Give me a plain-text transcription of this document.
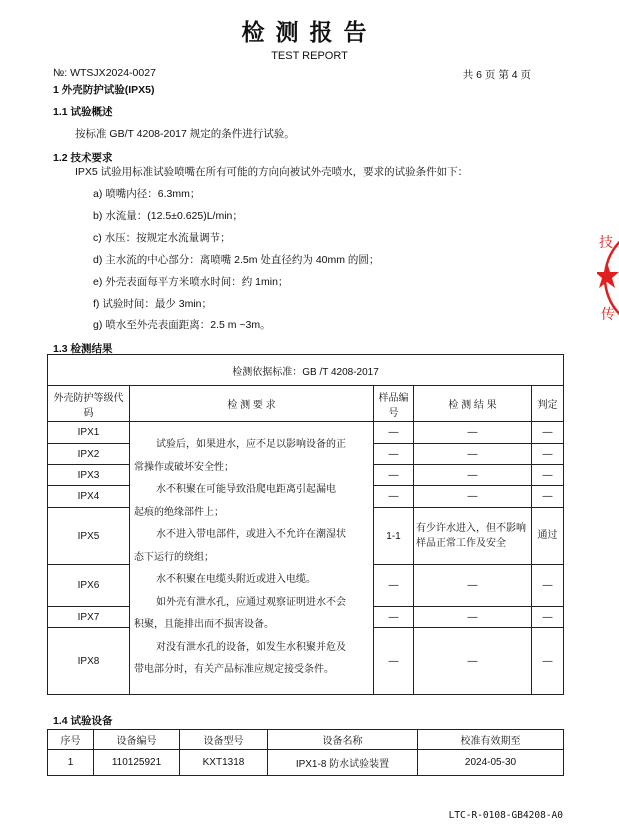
检测报告
TEST REPORT
№: WTSJX2024-0027	共 6 页 第 4 页
1 外壳防护试验(IPX5)
1.1 试验概述
按标准 GB/T 4208-2017 规定的条件进行试验。
1.2 技术要求
IPX5 试验用标准试验喷嘴在所有可能的方向向被试外壳喷水，要求的试验条件如下：
a) 喷嘴内径：6.3mm；
b) 水流量：(12.5±0.625)L/min；
c) 水压：按规定水流量调节；
d) 主水流的中心部分：离喷嘴 2.5m 处直径约为 40mm 的圆；
e) 外壳表面每平方米喷水时间：约 1min；
f) 试验时间：最少 3min；
g) 喷水至外壳表面距离：2.5 m ~3m。
1.3 检测结果
检测依据标准：GB /T 4208-2017				
外壳防护等级代码	检 测 要 求	样品编号	检 测 结 果	判定
IPX1		—	—	—
IPX2		—	—	—
IPX3		—	—	—
IPX4		—	—	—
IPX5		1-1	有少许水进入，但不影响样品正常工作及安全	通过
IPX6		—	—	—
IPX7		—	—	—
IPX8		—	—	—

试验后，如果进水，应不足以影响设备的正

常操作或破坏安全性；

水不积聚在可能导致沿爬电距离引起漏电

起痕的绝缘部件上；

水不进入带电部件，或进入不允许在潮湿状

态下运行的绕组；

水不积聚在电缆头附近或进入电缆。

如外壳有泄水孔，应通过观察证明进水不会

积聚，且能排出而不损害设备。

对没有泄水孔的设备，如发生水积聚并危及

带电部分时，有关产品标准应规定接受条件。

1.4 试验设备
序号	设备编号	设备型号	设备名称	校准有效期至
1	110125921	KXT1318	IPX1-8 防水试验装置	2024-05-30
技
传
LTC-R-0108-GB4208-A0
